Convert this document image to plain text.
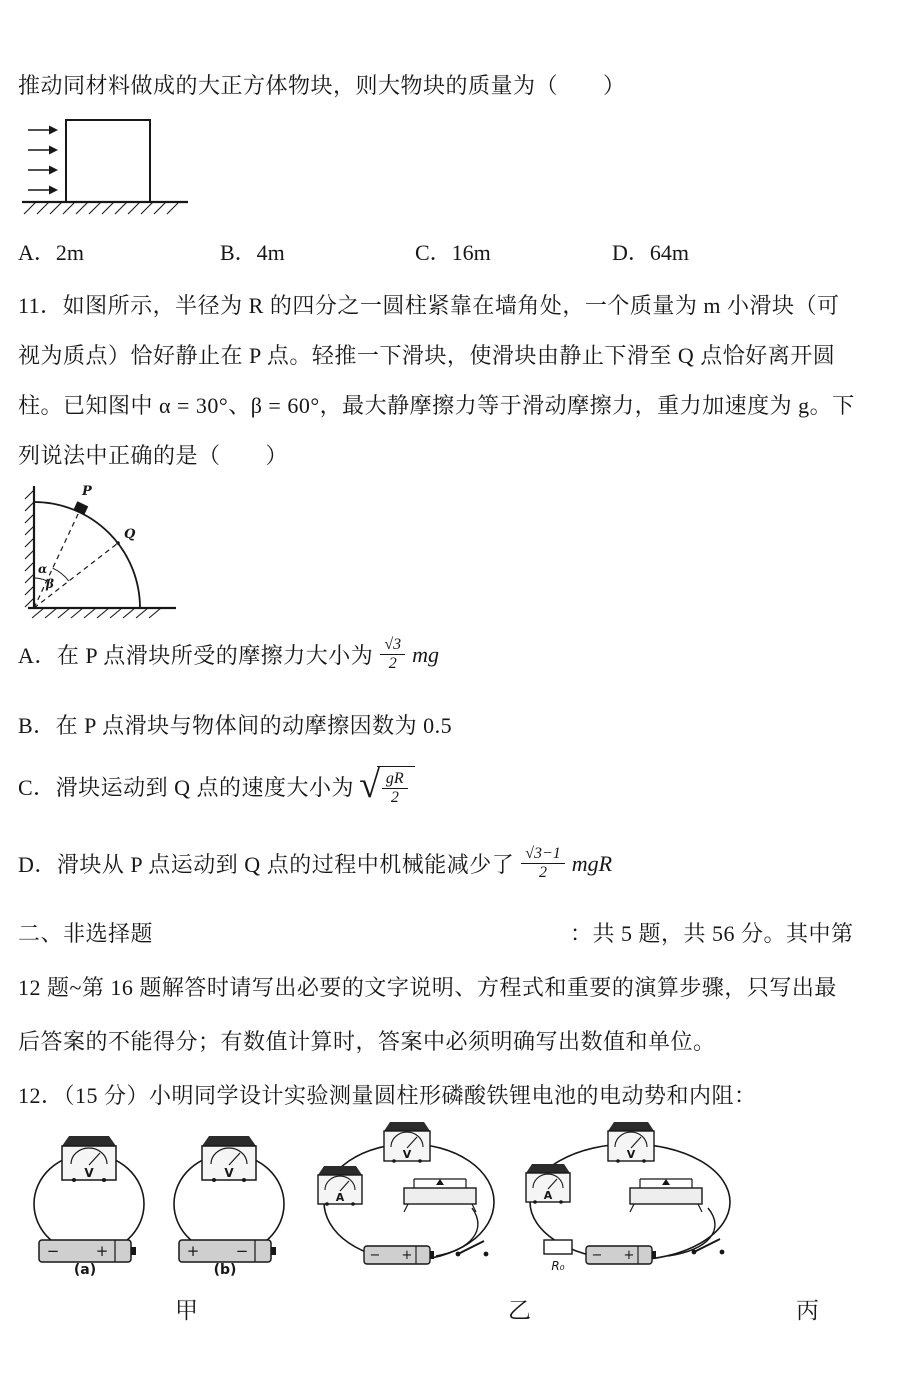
推动同材料做成的大正方体物块，则大物块的质量为（　　）
A．2m	B．4m	C．16m	D．64m
11．如图所示，半径为 R 的四分之一圆柱紧靠在墙角处，一个质量为 m 小滑块（可
视为质点）恰好静止在 P 点。轻推一下滑块，使滑块由静止下滑至 Q 点恰好离开圆
柱。已知图中 α = 30°、β = 60°，最大静摩擦力等于滑动摩擦力，重力加速度为 g。下
列说法中正确的是（　　）
P
Q
α
β
A．在 P 点滑块所受的摩擦力大小为 $\frac{√3}{2}$ mg
B．在 P 点滑块与物体间的动摩擦因数为 0.5
C．滑块运动到 Q 点的速度大小为 √ $\frac{gR}{2}$
D．滑块从 P 点运动到 Q 点的过程中机械能减少了 $\frac{√3-1}{2}$ mgR
二、非选择题	：共 5 题，共 56 分。其中第
12 题~第 16 题解答时请写出必要的文字说明、方程式和重要的演算步骤，只写出最
后答案的不能得分；有数值计算时，答案中必须明确写出数值和单位。
12．（15 分）小明同学设计实验测量圆柱形磷酸铁锂电池的电动势和内阻：
V
− +
(a)
V
+ −
(b)
V
A
− +
V
A
R₀
− +
甲	乙	丙
